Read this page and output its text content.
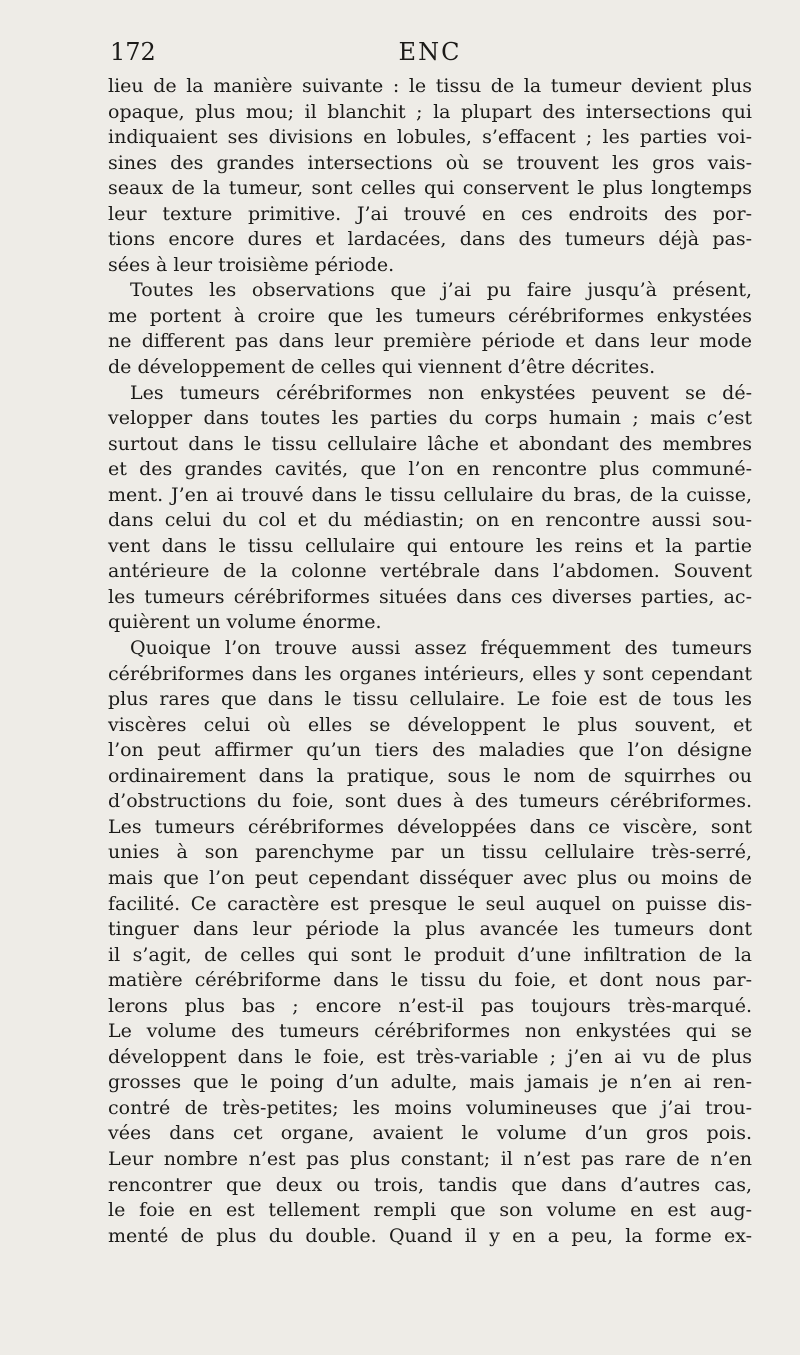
172	ENC
lieu de la manière suivante : le tissu de la tumeur devient plus
opaque, plus mou; il blanchit ; la plupart des intersections qui
indiquaient ses divisions en lobules, s’effacent ; les parties voi-
sines des grandes intersections où se trouvent les gros vais-
seaux de la tumeur, sont celles qui conservent le plus longtemps
leur texture primitive. J’ai trouvé en ces endroits des por-
tions encore dures et lardacées, dans des tumeurs déjà pas-
sées à leur troisième période.
Toutes les observations que j’ai pu faire jusqu’à présent,
me portent à croire que les tumeurs cérébriformes enkystées
ne different pas dans leur première période et dans leur mode
de développement de celles qui viennent d’être décrites.
Les tumeurs cérébriformes non enkystées peuvent se dé-
velopper dans toutes les parties du corps humain ; mais c’est
surtout dans le tissu cellulaire lâche et abondant des membres
et des grandes cavités, que l’on en rencontre plus communé-
ment. J’en ai trouvé dans le tissu cellulaire du bras, de la cuisse,
dans celui du col et du médiastin; on en rencontre aussi sou-
vent dans le tissu cellulaire qui entoure les reins et la partie
antérieure de la colonne vertébrale dans l’abdomen. Souvent
les tumeurs cérébriformes situées dans ces diverses parties, ac-
quièrent un volume énorme.
Quoique l’on trouve aussi assez fréquemment des tumeurs
cérébriformes dans les organes intérieurs, elles y sont cependant
plus rares que dans le tissu cellulaire. Le foie est de tous les
viscères celui où elles se développent le plus souvent, et
l’on peut affirmer qu’un tiers des maladies que l’on désigne
ordinairement dans la pratique, sous le nom de squirrhes ou
d’obstructions du foie, sont dues à des tumeurs cérébriformes.
Les tumeurs cérébriformes développées dans ce viscère, sont
unies à son parenchyme par un tissu cellulaire très-serré,
mais que l’on peut cependant disséquer avec plus ou moins de
facilité. Ce caractère est presque le seul auquel on puisse dis-
tinguer dans leur période la plus avancée les tumeurs dont
il s’agit, de celles qui sont le produit d’une infiltration de la
matière cérébriforme dans le tissu du foie, et dont nous par-
lerons plus bas ; encore n’est-il pas toujours très-marqué.
Le volume des tumeurs cérébriformes non enkystées qui se
développent dans le foie, est très-variable ; j’en ai vu de plus
grosses que le poing d’un adulte, mais jamais je n’en ai ren-
contré de très-petites; les moins volumineuses que j’ai trou-
vées dans cet organe, avaient le volume d’un gros pois.
Leur nombre n’est pas plus constant; il n’est pas rare de n’en
rencontrer que deux ou trois, tandis que dans d’autres cas,
le foie en est tellement rempli que son volume en est aug-
menté de plus du double. Quand il y en a peu, la forme ex-
